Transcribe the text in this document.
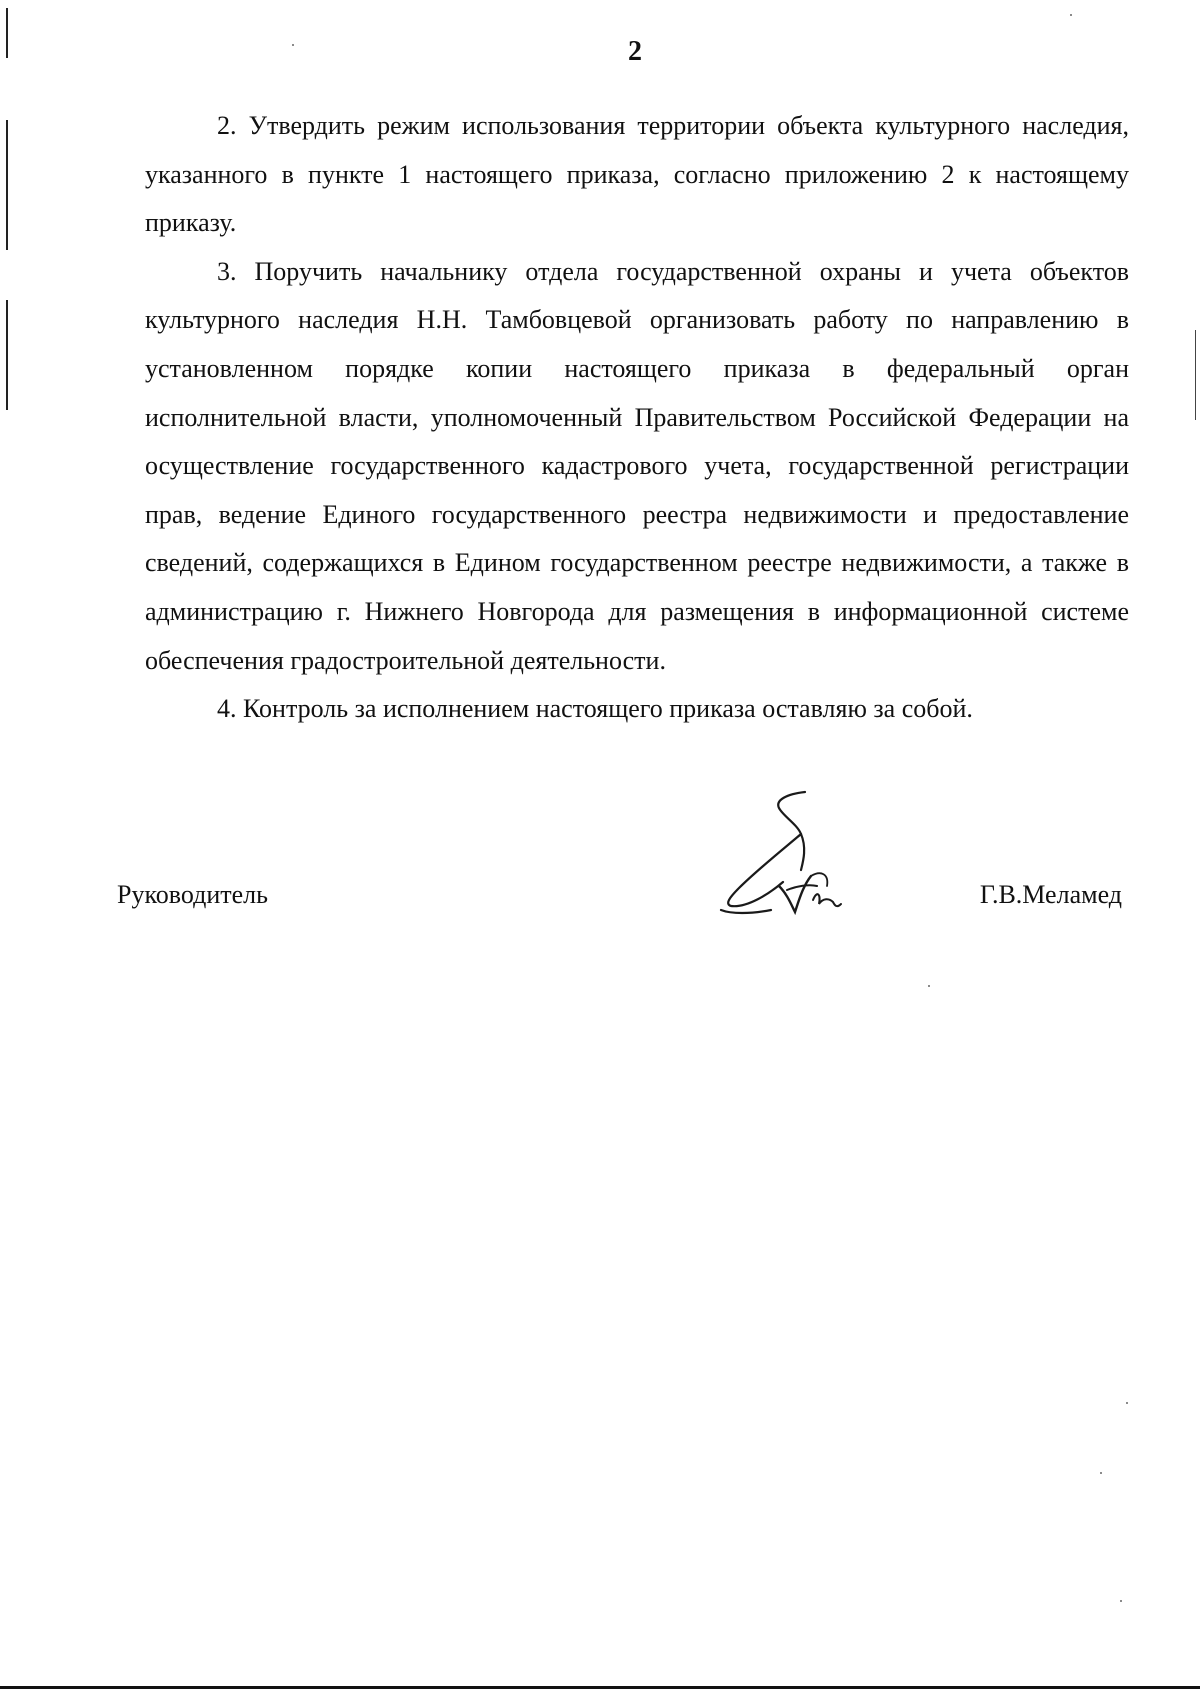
2

2. Утвердить режим использования территории объекта культурного наследия, указанного в пункте 1 настоящего приказа, согласно приложению 2 к настоящему приказу.

3. Поручить начальнику отдела государственной охраны и учета объектов культурного наследия Н.Н. Тамбовцевой организовать работу по направлению в установленном порядке копии настоящего приказа в федеральный орган исполнительной власти, уполномоченный Правительством Российской Федерации на осуществление государственного кадастрового учета, государственной регистрации прав, ведение Единого государственного реестра недвижимости и предоставление сведений, содержащихся в Едином государственном реестре недвижимости, а также в администрацию г. Нижнего Новгорода для размещения в информационной системе обеспечения градостроительной деятельности.

4. Контроль за исполнением настоящего приказа оставляю за собой.

Руководитель	Г.В.Меламед
